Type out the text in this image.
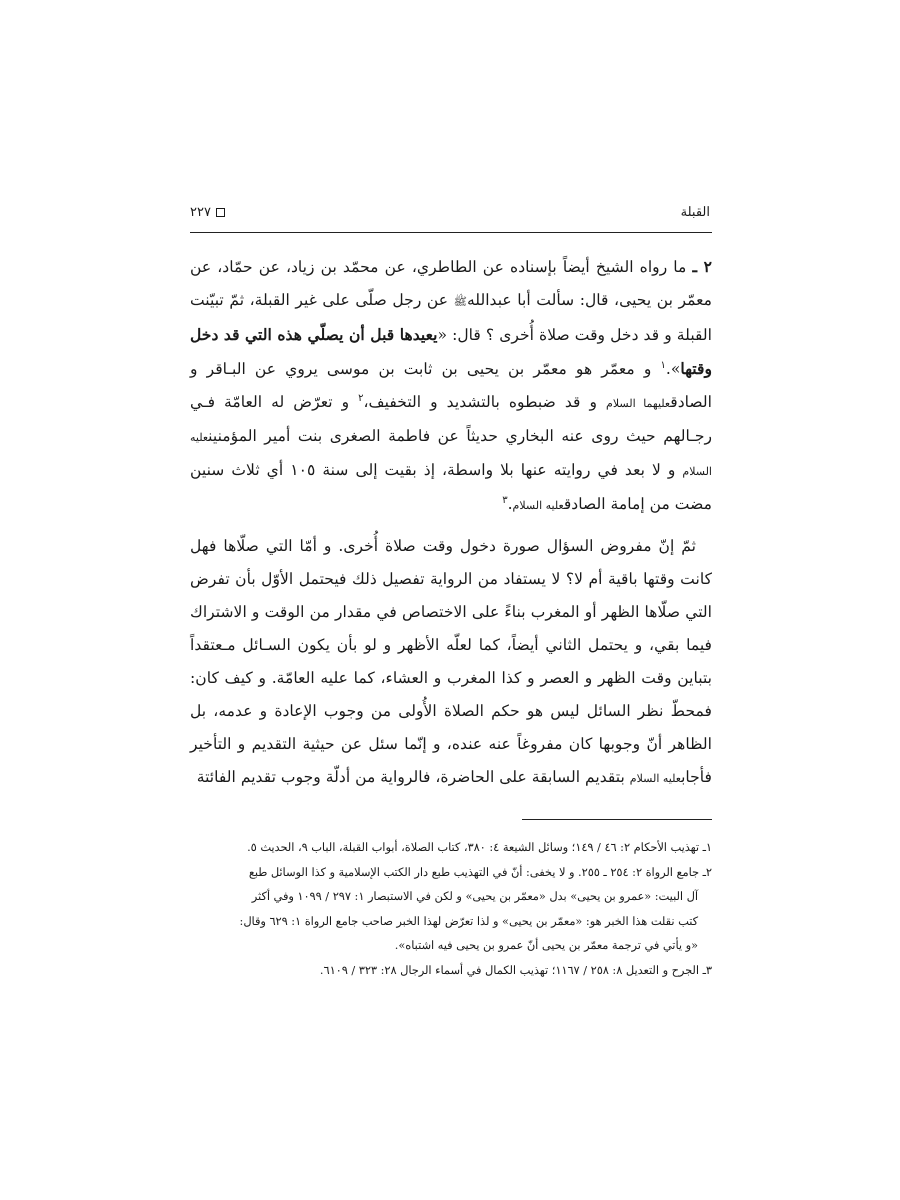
٢٢٧	القبلة

٢ ـ ما رواه الشيخ أيضاً بإسناده عن الطاطري، عن محمّد بن زياد، عن حمّاد، عن معمّر بن يحيى، قال: سألت أبا عبداللهﷺ عن رجل صلّى على غير القبلة، ثمّ تبيّنت القبلة و قد دخل وقت صلاة أُخرى ؟ قال: «يعيدها قبل أن يصلّي هذه التي قد دخل وقتها».$^١$ و معمّر هو معمّر بن يحيى بن ثابت بن موسى يروي عن البـاقر و الصادقعليهما السلام و قد ضبطوه بالتشديد و التخفيف،$^٢$ و تعرّض له العامّة فـي رجـالهم حيث روى عنه البخاري حديثاً عن فاطمة الصغرى بنت أمير المؤمنينعليه السلام و لا بعد في روايته عنها بلا واسطة، إذ بقيت إلى سنة ١٠٥ أي ثلاث سنين مضت من إمامة الصادقعليه السلام.$^٣$

ثمّ إنّ مفروض السؤال صورة دخول وقت صلاة أُخرى. و أمّا التي صلّاها فهل كانت وقتها باقية أم لا؟ لا يستفاد من الرواية تفصيل ذلك فيحتمل الأوّل بأن تفرض التي صلّاها الظهر أو المغرب بناءً على الاختصاص في مقدار من الوقت و الاشتراك فيما بقي، و يحتمل الثاني أيضاً، كما لعلّه الأظهر و لو بأن يكون السـائل مـعتقداً بتباين وقت الظهر و العصر و كذا المغرب و العشاء، كما عليه العامّة. و كيف كان: فمحطّ نظر السائل ليس هو حكم الصلاة الأُولى من وجوب الإعادة و عدمه، بل الظاهر أنّ وجوبها كان مفروغاً عنه عنده، و إنّما سئل عن حيثية التقديم و التأخير فأجابعليه السلام بتقديم السابقة على الحاضرة، فالرواية من أدلّة وجوب تقديم الفائتة

١ـ تهذيب الأحكام ٢: ٤٦ / ١٤٩؛ وسائل الشيعة ٤: ٣٨٠، كتاب الصلاة، أبواب القبلة، الباب ٩، الحديث ٥.

٢ـ جامع الرواة ٢: ٢٥٤ ـ ٢٥٥. و لا يخفى: أنّ في التهذيب طبع دار الكتب الإسلامية و كذا الوسائل طبع

آل البيت: «عمرو بن يحيى» بدل «معمّر بن يحيى» و لكن في الاستبصار ١: ٢٩٧ / ١٠٩٩ وفي أكثر

كتب نقلت هذا الخبر هو: «معمّر بن يحيى» و لذا تعرّض لهذا الخبر صاحب جامع الرواة ١: ٦٢٩ وقال:

«و يأتي في ترجمة معمّر بن يحيى أنّ عمرو بن يحيى فيه اشتباه».

٣ـ الجرح و التعديل ٨: ٢٥٨ / ١١٦٧؛ تهذيب الكمال في أسماء الرجال ٢٨: ٣٢٣ / ٦١٠٩.
